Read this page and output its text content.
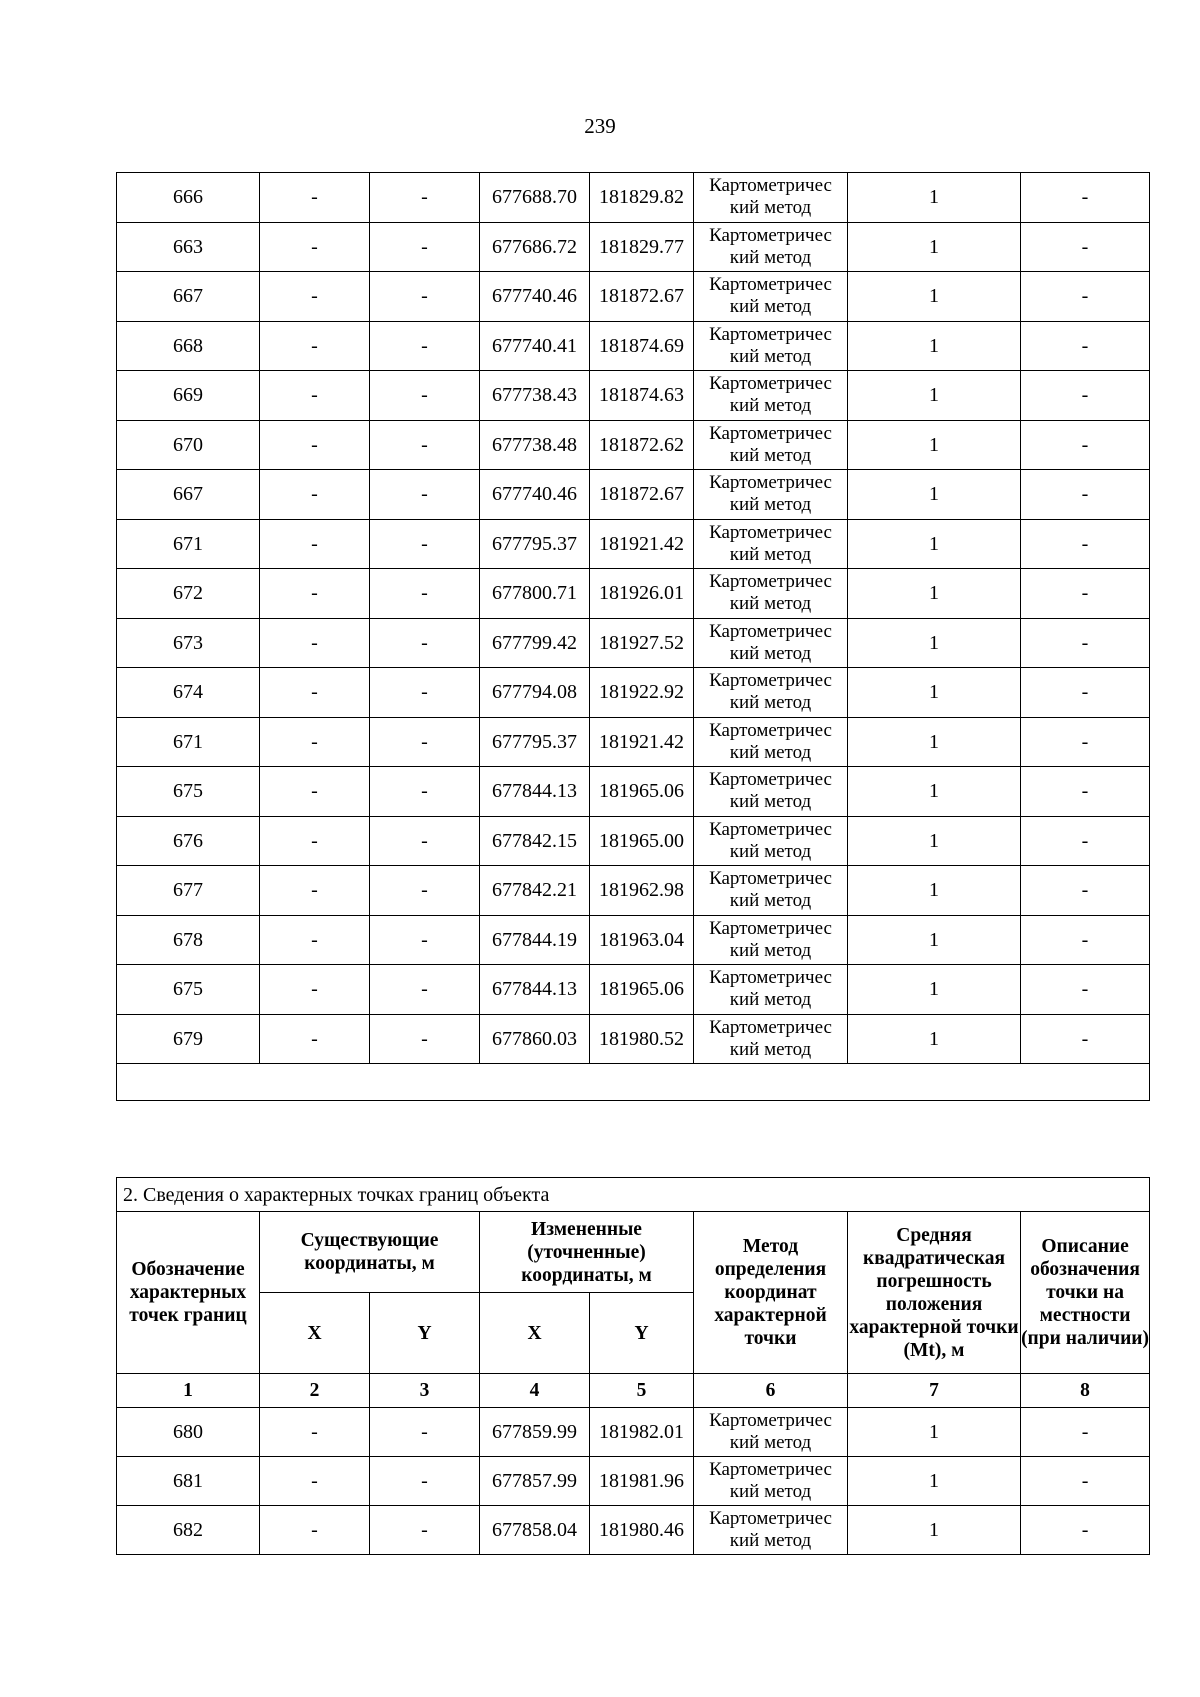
239
666	-	-	677688.70	181829.82	Картометричес кий метод	1	-
663	-	-	677686.72	181829.77	Картометричес кий метод	1	-
667	-	-	677740.46	181872.67	Картометричес кий метод	1	-
668	-	-	677740.41	181874.69	Картометричес кий метод	1	-
669	-	-	677738.43	181874.63	Картометричес кий метод	1	-
670	-	-	677738.48	181872.62	Картометричес кий метод	1	-
667	-	-	677740.46	181872.67	Картометричес кий метод	1	-
671	-	-	677795.37	181921.42	Картометричес кий метод	1	-
672	-	-	677800.71	181926.01	Картометричес кий метод	1	-
673	-	-	677799.42	181927.52	Картометричес кий метод	1	-
674	-	-	677794.08	181922.92	Картометричес кий метод	1	-
671	-	-	677795.37	181921.42	Картометричес кий метод	1	-
675	-	-	677844.13	181965.06	Картометричес кий метод	1	-
676	-	-	677842.15	181965.00	Картометричес кий метод	1	-
677	-	-	677842.21	181962.98	Картометричес кий метод	1	-
678	-	-	677844.19	181963.04	Картометричес кий метод	1	-
675	-	-	677844.13	181965.06	Картометричес кий метод	1	-
679	-	-	677860.03	181980.52	Картометричес кий метод	1	-

2. Сведения о характерных точках границ объекта							
Обозначение характерных точек границ	Существующие координаты, м		Измененные (уточненные) координаты, м		Метод определения координат характерной точки	Средняя квадратическая погрешность положения характерной точки (Mt), м	Описание обозначения точки на местности (при наличии)
	X	Y	X	Y			
1	2	3	4	5	6	7	8
680	-	-	677859.99	181982.01	Картометричес кий метод	1	-
681	-	-	677857.99	181981.96	Картометричес кий метод	1	-
682	-	-	677858.04	181980.46	Картометричес кий метод	1	-
